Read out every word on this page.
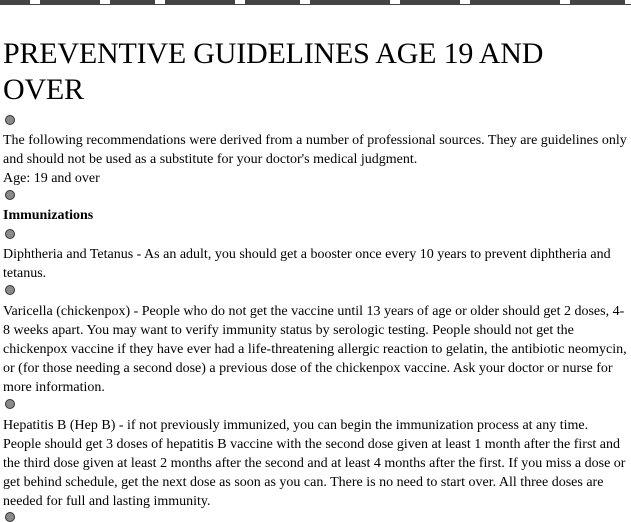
PREVENTIVE GUIDELINES AGE 19 AND OVER

The following recommendations were derived from a number of professional sources. They are guidelines only and should not be used as a substitute for your doctor's medical judgment.

Age: 19 and over

Immunizations

Diphtheria and Tetanus - As an adult, you should get a booster once every 10 years to prevent diphtheria and tetanus.

Varicella (chickenpox) - People who do not get the vaccine until 13 years of age or older should get 2 doses, 4-8 weeks apart. You may want to verify immunity status by serologic testing. People should not get the chickenpox vaccine if they have ever had a life-threatening allergic reaction to gelatin, the antibiotic neomycin, or (for those needing a second dose) a previous dose of the chickenpox vaccine. Ask your doctor or nurse for more information.

Hepatitis B (Hep B) - if not previously immunized, you can begin the immunization process at any time. People should get 3 doses of hepatitis B vaccine with the second dose given at least 1 month after the first and the third dose given at least 2 months after the second and at least 4 months after the first. If you miss a dose or get behind schedule, get the next dose as soon as you can. There is no need to start over. All three doses are needed for full and lasting immunity.
